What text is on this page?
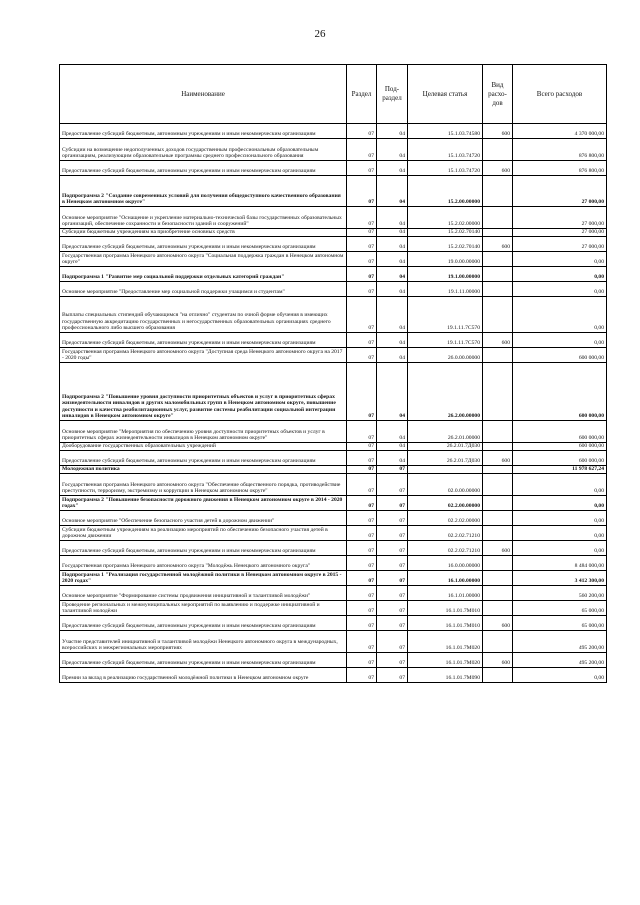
26
Наименование	Раздел	Под-раздел	Целевая статья	Вид расхо-дов	Всего расходов
Предоставление субсидий бюджетным, автономным учреждениям и иным некоммерческим организациям	07	04	15.1.03.74580	600	4 370 000,00
Субсидии на возмещение недополученных доходов государственным профессиональным образовательным организациям, реализующим образовательные программы среднего профессионального образования	07	04	15.1.03.74720		876 800,00
Предоставление субсидий бюджетным, автономным учреждениям и иным некоммерческим организациям	07	04	15.1.03.74720	600	876 800,00
Подпрограмма 2 "Создание современных условий для получения общедоступного качественного образования в Ненецком автономном округе"	07	04	15.2.00.00000		27 000,00
Основное мероприятие "Оснащение и укрепление материально-технической базы государственных образовательных организаций, обеспечение сохранности и безопасности зданий и сооружений"	07	04	15.2.02.00000		27 000,00
Субсидии бюджетным учреждениям на приобретение основных средств	07	04	15.2.02.70140		27 000,00
Предоставление субсидий бюджетным, автономным учреждениям и иным некоммерческим организациям	07	04	15.2.02.70140	600	27 000,00
Государственная программа Ненецкого автономного округа "Социальная поддержка граждан в Ненецком автономном округе"	07	04	19.0.00.00000		0,00
Подпрограмма 1 "Развитие мер социальной поддержки отдельных категорий граждан"	07	04	19.1.00.00000		0,00
Основное мероприятие "Предоставление мер социальной поддержки учащимся и студентам"	07	04	19.1.11.00000		0,00
Выплаты специальных стипендий обучающимся "на отлично" студентам по очной форме обучения в имеющих государственную аккредитацию государственных и негосударственных образовательных организациях среднего профессионального либо высшего образования	07	04	19.1.11.7С570		0,00
Предоставление субсидий бюджетным, автономным учреждениям и иным некоммерческим организациям	07	04	19.1.11.7С570	600	0,00
Государственная программа Ненецкого автономного округа "Доступная среда Ненецкого автономного округа на 2017 - 2020 годы"	07	04	26.0.00.00000		600 000,00
Подпрограмма 2 "Повышение уровня доступности приоритетных объектов и услуг в приоритетных сферах жизнедеятельности инвалидов и других маломобильных групп в Ненецком автономном округе, повышение доступности и качества реабилитационных услуг, развитие системы реабилитации социальной интеграции инвалидов в Ненецком автономном округе"	07	04	26.2.00.00000		600 000,00
Основное мероприятие "Мероприятия по обеспечению уровня доступности приоритетных объектов и услуг в приоритетных сферах жизнедеятельности инвалидов в Ненецком автономном округе"	07	04	26.2.01.00000		600 000,00
Дооборудование государственных образовательных учреждений	07	04	26.2.01.7Д030		600 000,00
Предоставление субсидий бюджетным, автономным учреждениям и иным некоммерческим организациям	07	04	26.2.01.7Д030	600	600 000,00
Молодежная политика	07	07			11 978 627,24
Государственная программа Ненецкого автономного округа "Обеспечение общественного порядка, противодействие преступности, терроризму, экстремизму и коррупции в Ненецком автономном округе"	07	07	02.0.00.00000		0,00
Подпрограмма 2 "Повышение безопасности дорожного движения в Ненецком автономном округе в 2014 - 2020 годах"	07	07	02.2.00.00000		0,00
Основное мероприятие "Обеспечение безопасного участия детей в дорожном движении"	07	07	02.2.02.00000		0,00
Субсидии бюджетным учреждениям на реализацию мероприятий по обеспечению безопасного участия детей в дорожном движении	07	07	02.2.02.71210		0,00
Предоставление субсидий бюджетным, автономным учреждениям и иным некоммерческим организациям	07	07	02.2.02.71210	600	0,00
Государственная программа Ненецкого автономного округа "Молодёжь Ненецкого автономного округа"	07	07	16.0.00.00000		8 484 000,00
Подпрограмма 1 "Реализация государственной молодёжной политики в Ненецком автономном округе в 2015 - 2020 годах"	07	07	16.1.00.00000		3 412 300,00
Основное мероприятие "Формирование системы продвижения инициативной и талантливой молодёжи"	07	07	16.1.01.00000		560 200,00
Проведение региональных и межмуниципальных мероприятий по выявлению и поддержке инициативной и талантливой молодёжи	07	07	16.1.01.7М010		65 000,00
Предоставление субсидий бюджетным, автономным учреждениям и иным некоммерческим организациям	07	07	16.1.01.7М010	600	65 000,00
Участие представителей инициативной и талантливой молодёжи Ненецкого автономного округа в международных, всероссийских и межрегиональных мероприятиях	07	07	16.1.01.7М020		495 200,00
Предоставление субсидий бюджетным, автономным учреждениям и иным некоммерческим организациям	07	07	16.1.01.7М020	600	495 200,00
Премии за вклад в реализацию государственной молодёжной политики в Ненецком автономном округе	07	07	16.1.01.7М090		0,00
